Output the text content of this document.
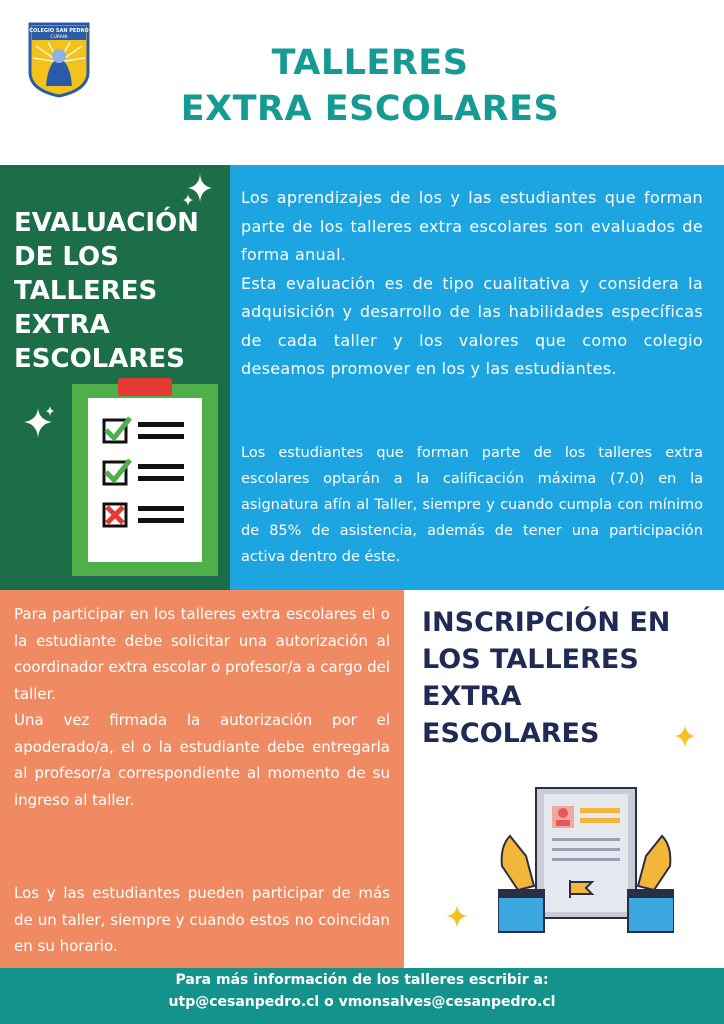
COLEGIO SAN PEDRO
CURANI
TALLERES
EXTRA ESCOLARES
EVALUACIÓN
DE LOS
TALLERES
EXTRA
ESCOLARES
Los aprendizajes de los y las estudiantes que forman parte de los talleres extra escolares son evaluados de forma anual.
Esta evaluación es de tipo cualitativa y considera la adquisición y desarrollo de las habilidades específicas de cada taller y los valores que como colegio deseamos promover en los y las estudiantes.
Los estudiantes que forman parte de los talleres extra escolares optarán a la calificación máxima (7.0) en la asignatura afín al Taller, siempre y cuando cumpla con mínimo de 85% de asistencia, además de tener una participación activa dentro de éste.
Para participar en los talleres extra escolares el o la estudiante debe solicitar una autorización al coordinador extra escolar o profesor/a a cargo del taller.
Una vez firmada la autorización por el apoderado/a, el o la estudiante debe entregarla al profesor/a correspondiente al momento de su ingreso al taller.
Los y las estudiantes pueden participar de más de un taller, siempre y cuando estos no coincidan en su horario.
INSCRIPCIÓN EN
LOS TALLERES
EXTRA
ESCOLARES
Para más información de los talleres escribir a:
utp@cesanpedro.cl o vmonsalves@cesanpedro.cl
